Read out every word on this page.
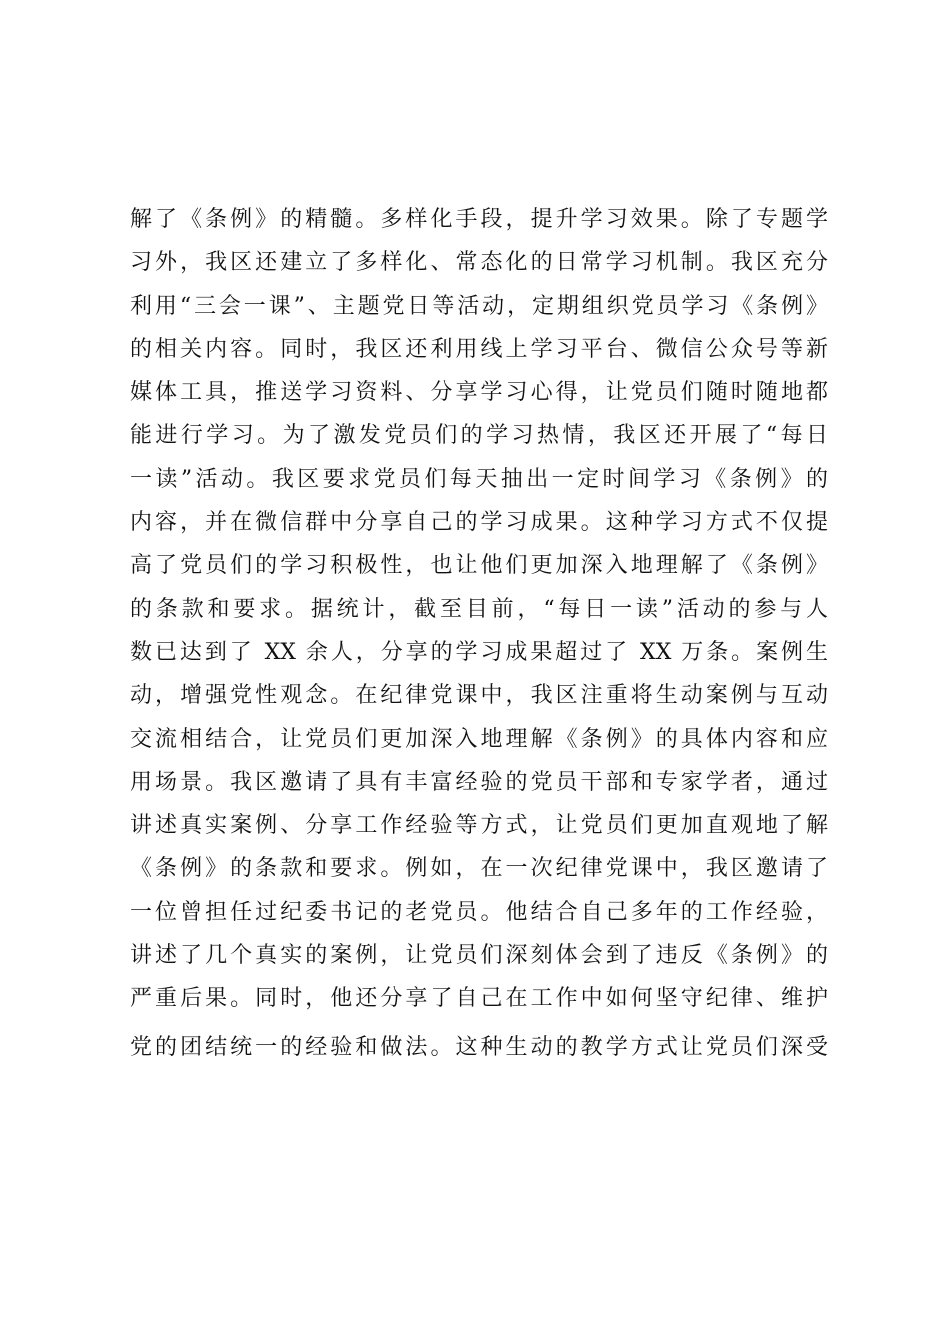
解了《条例》的精髓。多样化手段，提升学习效果。除了专题学
习外，我区还建立了多样化、常态化的日常学习机制。我区充分
利用“三会一课”、主题党日等活动，定期组织党员学习《条例》
的相关内容。同时，我区还利用线上学习平台、微信公众号等新
媒体工具，推送学习资料、分享学习心得，让党员们随时随地都
能进行学习。为了激发党员们的学习热情，我区还开展了“每日
一读”活动。我区要求党员们每天抽出一定时间学习《条例》的
内容，并在微信群中分享自己的学习成果。这种学习方式不仅提
高了党员们的学习积极性，也让他们更加深入地理解了《条例》
的条款和要求。据统计，截至目前，“每日一读”活动的参与人
数已达到了 XX 余人，分享的学习成果超过了 XX 万条。案例生
动，增强党性观念。在纪律党课中，我区注重将生动案例与互动
交流相结合，让党员们更加深入地理解《条例》的具体内容和应
用场景。我区邀请了具有丰富经验的党员干部和专家学者，通过
讲述真实案例、分享工作经验等方式，让党员们更加直观地了解
《条例》的条款和要求。例如，在一次纪律党课中，我区邀请了
一位曾担任过纪委书记的老党员。他结合自己多年的工作经验，
讲述了几个真实的案例，让党员们深刻体会到了违反《条例》的
严重后果。同时，他还分享了自己在工作中如何坚守纪律、维护
党的团结统一的经验和做法。这种生动的教学方式让党员们深受
